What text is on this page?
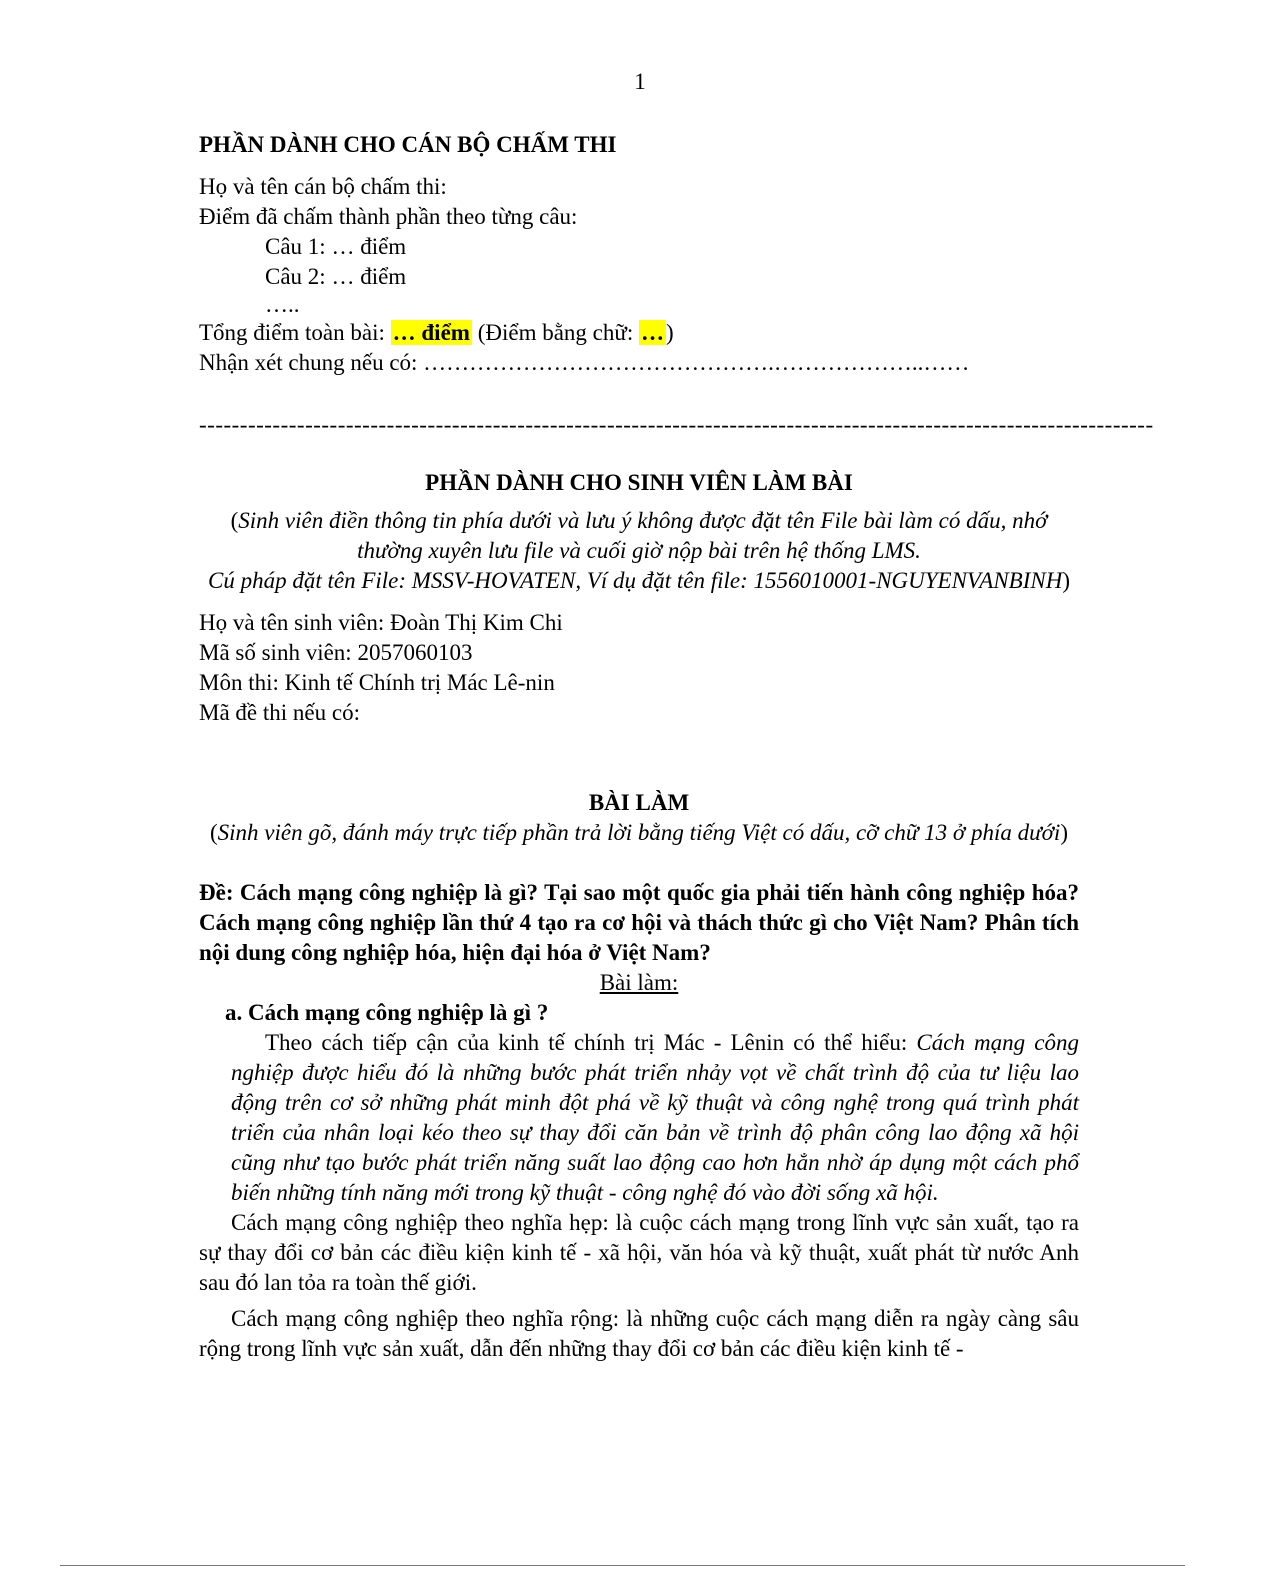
1
PHẦN DÀNH CHO CÁN BỘ CHẤM THI
Họ và tên cán bộ chấm thi:
Điểm đã chấm thành phần theo từng câu:
Câu 1: … điểm
Câu 2: … điểm
…..
Tổng điểm toàn bài: … điểm (Điểm bằng chữ: …)
Nhận xét chung nếu có: ……………………………………….………………..……
---------------------------------------------------------------------------------------------------------------------
PHẦN DÀNH CHO SINH VIÊN LÀM BÀI
(Sinh viên điền thông tin phía dưới và lưu ý không được đặt tên File bài làm có dấu, nhớ thường xuyên lưu file và cuối giờ nộp bài trên hệ thống LMS.
Cú pháp đặt tên File: MSSV-HOVATEN, Ví dụ đặt tên file: 1556010001-NGUYENVANBINH)
Họ và tên sinh viên: Đoàn Thị Kim Chi
Mã số sinh viên: 2057060103
Môn thi: Kinh tế Chính trị Mác Lê-nin
Mã đề thi nếu có:
BÀI LÀM
(Sinh viên gõ, đánh máy trực tiếp phần trả lời bằng tiếng Việt có dấu, cỡ chữ 13 ở phía dưới)
Đề: Cách mạng công nghiệp là gì? Tại sao một quốc gia phải tiến hành công nghiệp hóa? Cách mạng công nghiệp lần thứ 4 tạo ra cơ hội và thách thức gì cho Việt Nam? Phân tích nội dung công nghiệp hóa, hiện đại hóa ở Việt Nam?
Bài làm:
a. Cách mạng công nghiệp là gì ?
Theo cách tiếp cận của kinh tế chính trị Mác - Lênin có thể hiểu: Cách mạng công nghiệp được hiểu đó là những bước phát triển nhảy vọt về chất trình độ của tư liệu lao động trên cơ sở những phát minh đột phá về kỹ thuật và công nghệ trong quá trình phát triển của nhân loại kéo theo sự thay đổi căn bản về trình độ phân công lao động xã hội cũng như tạo bước phát triển năng suất lao động cao hơn hẳn nhờ áp dụng một cách phổ biến những tính năng mới trong kỹ thuật - công nghệ đó vào đời sống xã hội.
Cách mạng công nghiệp theo nghĩa hẹp: là cuộc cách mạng trong lĩnh vực sản xuất, tạo ra sự thay đổi cơ bản các điều kiện kinh tế - xã hội, văn hóa và kỹ thuật, xuất phát từ nước Anh sau đó lan tỏa ra toàn thế giới.
Cách mạng công nghiệp theo nghĩa rộng: là những cuộc cách mạng diễn ra ngày càng sâu rộng trong lĩnh vực sản xuất, dẫn đến những thay đổi cơ bản các điều kiện kinh tế -
